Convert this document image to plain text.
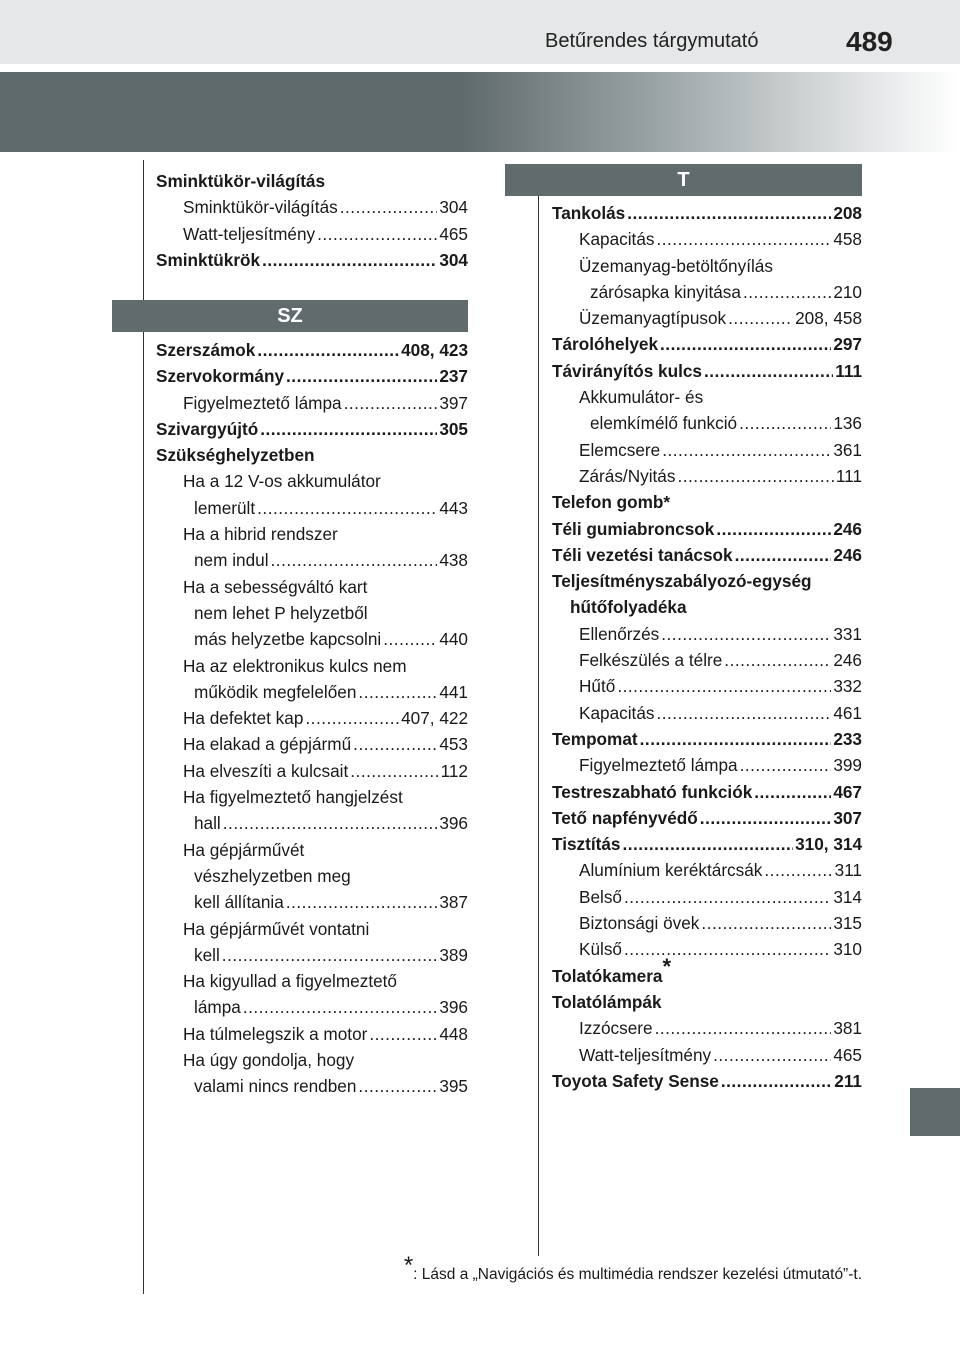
Betűrendes tárgymutató	489
SZ
T
Sminktükör-világítás
Sminktükör-világítás .....	304
Watt-teljesítmény .....	465
Sminktükrök .....	304
Szerszámok .....	408, 423
Szervokormány .....	237
Figyelmeztető lámpa .....	397
Szivargyújtó .....	305
Szükséghelyzetben
Ha a 12 V-os akkumulátor
lemerült .....	443
Ha a hibrid rendszer
nem indul .....	438
Ha a sebességváltó kart
nem lehet P helyzetből
más helyzetbe kapcsolni .....	440
Ha az elektronikus kulcs nem
működik megfelelően .....	441
Ha defektet kap .....	407, 422
Ha elakad a gépjármű .....	453
Ha elveszíti a kulcsait .....	112
Ha figyelmeztető hangjelzést
hall .....	396
Ha gépjárművét
vészhelyzetben meg
kell állítania .....	387
Ha gépjárművét vontatni
kell .....	389
Ha kigyullad a figyelmeztető
lámpa .....	396
Ha túlmelegszik a motor .....	448
Ha úgy gondolja, hogy
valami nincs rendben .....	395
Tankolás .....	208
Kapacitás .....	458
Üzemanyag-betöltőnyílás
zárósapka kinyitása .....	210
Üzemanyagtípusok .....	208, 458
Tárolóhelyek .....	297
Távirányítós kulcs .....	111
Akkumulátor- és
elemkímélő funkció .....	136
Elemcsere .....	361
Zárás/Nyitás .....	111
Telefon gomb*
Téli gumiabroncsok .....	246
Téli vezetési tanácsok .....	246
Teljesítményszabályozó-egység
hűtőfolyadéka
Ellenőrzés .....	331
Felkészülés a télre .....	246
Hűtő .....	332
Kapacitás .....	461
Tempomat .....	233
Figyelmeztető lámpa .....	399
Testreszabható funkciók .....	467
Tető napfényvédő .....	307
Tisztítás .....	310, 314
Alumínium keréktárcsák .....	311
Belső .....	314
Biztonsági övek .....	315
Külső .....	310
Tolatókamera *
Tolatólámpák
Izzócsere .....	381
Watt-teljesítmény .....	465
Toyota Safety Sense .....	211
*: Lásd a „Navigációs és multimédia rendszer kezelési útmutató”-t.
